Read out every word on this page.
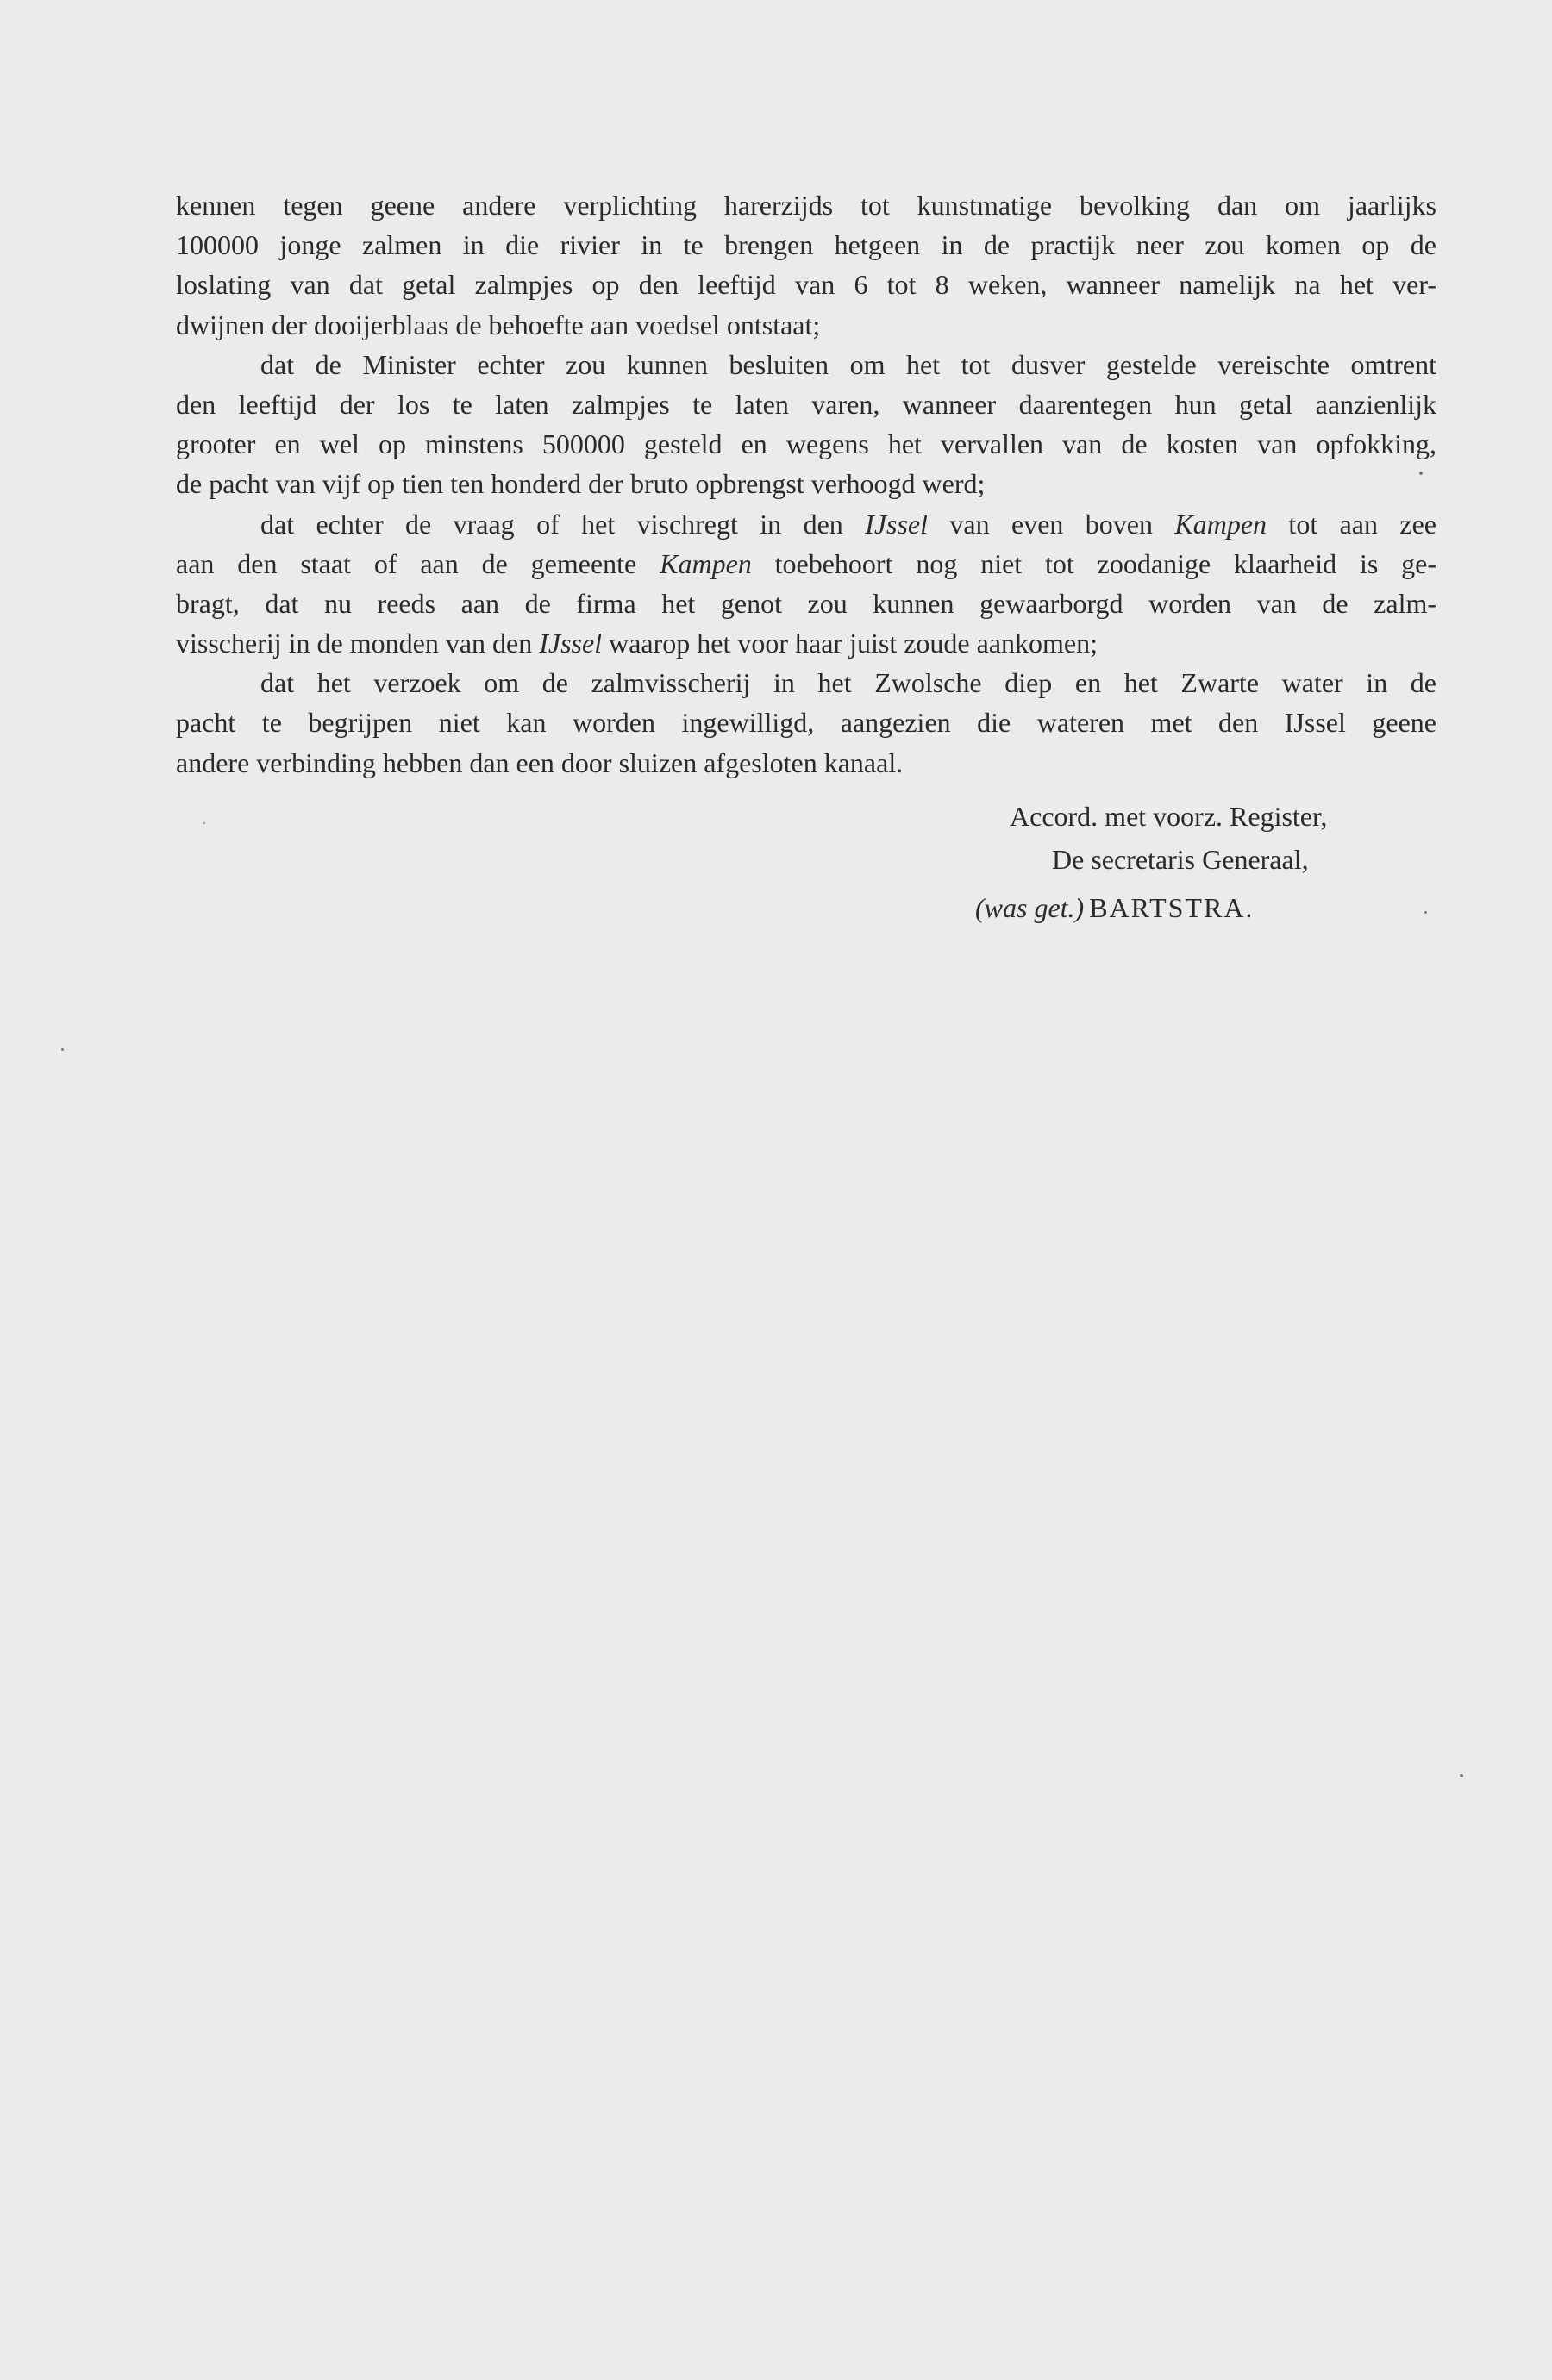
kennen tegen geene andere verplichting harerzijds tot kunstmatige bevolking dan om jaarlijks
100000 jonge zalmen in die rivier in te brengen hetgeen in de practijk neer zou komen op de
loslating van dat getal zalmpjes op den leeftijd van 6 tot 8 weken, wanneer namelijk na het ver-
dwijnen der dooijerblaas de behoefte aan voedsel ontstaat;
dat de Minister echter zou kunnen besluiten om het tot dusver gestelde vereischte omtrent
den leeftijd der los te laten zalmpjes te laten varen, wanneer daarentegen hun getal aanzienlijk
grooter en wel op minstens 500000 gesteld en wegens het vervallen van de kosten van opfokking,
de pacht van vijf op tien ten honderd der bruto opbrengst verhoogd werd;
dat echter de vraag of het vischregt in den IJssel van even boven Kampen tot aan zee
aan den staat of aan de gemeente Kampen toebehoort nog niet tot zoodanige klaarheid is ge-
bragt, dat nu reeds aan de firma het genot zou kunnen gewaarborgd worden van de zalm-
visscherij in de monden van den IJssel waarop het voor haar juist zoude aankomen;
dat het verzoek om de zalmvisscherij in het Zwolsche diep en het Zwarte water in de
pacht te begrijpen niet kan worden ingewilligd, aangezien die wateren met den IJssel geene
andere verbinding hebben dan een door sluizen afgesloten kanaal.
Accord. met voorz. Register,
De secretaris Generaal,
(was get.) BARTSTRA.
